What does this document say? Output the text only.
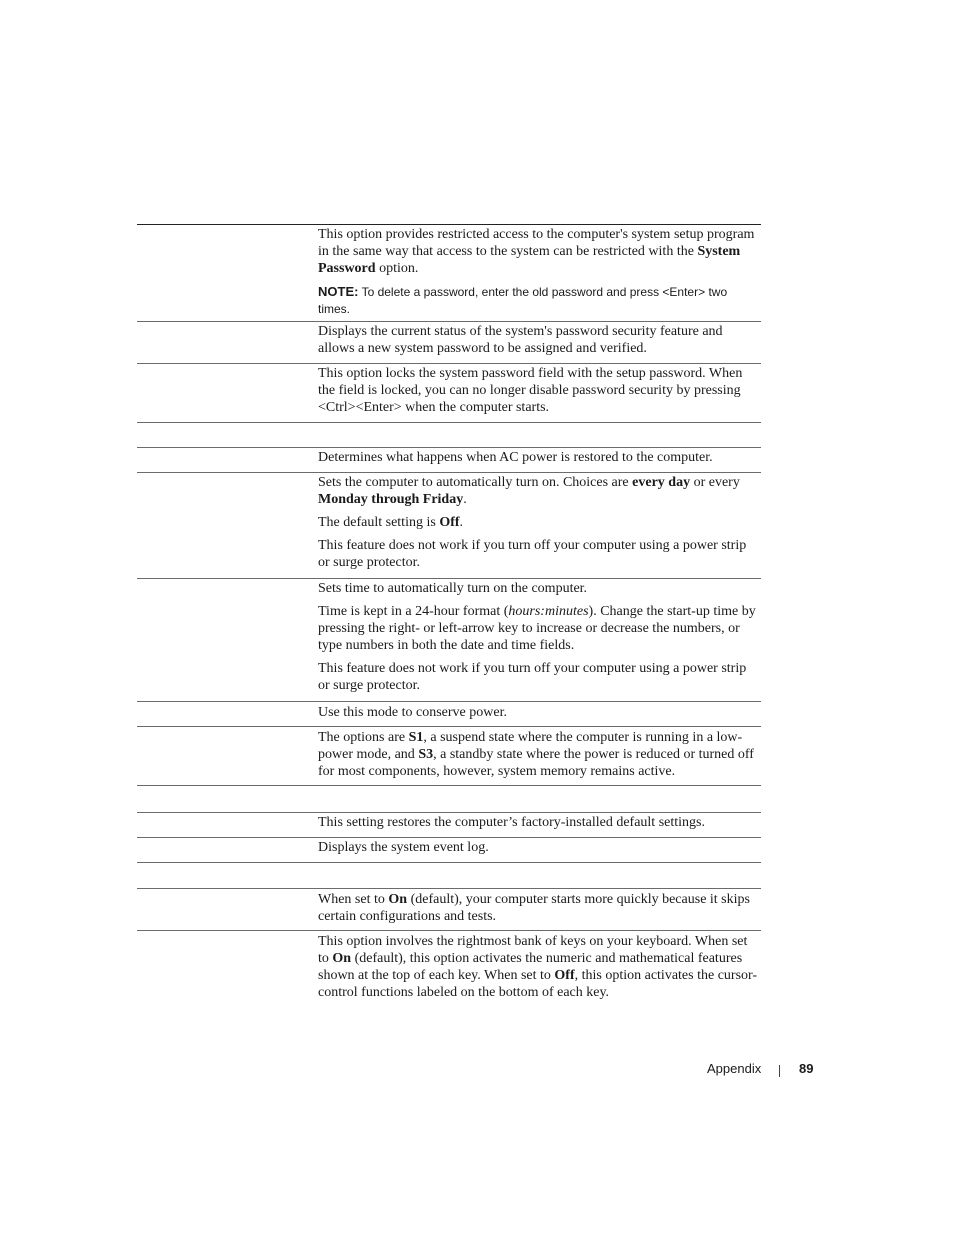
This option provides restricted access to the computer's system setup program in the same way that access to the system can be restricted with the System Password option.

NOTE: To delete a password, enter the old password and press <Enter> two times.

Displays the current status of the system's password security feature and allows a new system password to be assigned and verified.

This option locks the system password field with the setup password. When the field is locked, you can no longer disable password security by pressing <Ctrl><Enter> when the computer starts.

Determines what happens when AC power is restored to the computer.

Sets the computer to automatically turn on. Choices are every day or every Monday through Friday.

The default setting is Off.

This feature does not work if you turn off your computer using a power strip or surge protector.

Sets time to automatically turn on the computer.

Time is kept in a 24-hour format (hours:minutes). Change the start-up time by pressing the right- or left-arrow key to increase or decrease the numbers, or type numbers in both the date and time fields.

This feature does not work if you turn off your computer using a power strip or surge protector.

Use this mode to conserve power.

The options are S1, a suspend state where the computer is running in a low-power mode, and S3, a standby state where the power is reduced or turned off for most components, however, system memory remains active.

This setting restores the computer’s factory-installed default settings.

Displays the system event log.

When set to On (default), your computer starts more quickly because it skips certain configurations and tests.

This option involves the rightmost bank of keys on your keyboard. When set to On (default), this option activates the numeric and mathematical features shown at the top of each key. When set to Off, this option activates the cursor-control functions labeled on the bottom of each key.

Appendix	89
